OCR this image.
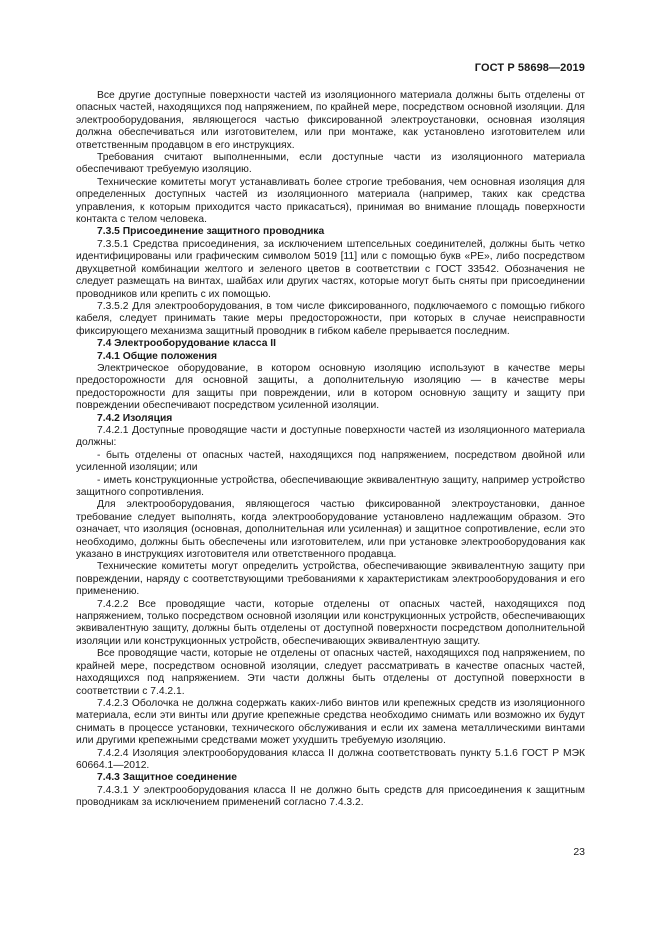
ГОСТ Р 58698—2019

Все другие доступные поверхности частей из изоляционного материала должны быть отделены от опасных частей, находящихся под напряжением, по крайней мере, посредством основной изоляции. Для электрооборудования, являющегося частью фиксированной электроустановки, основная изоляция должна обеспечиваться или изготовителем, или при монтаже, как установлено изготовителем или ответственным продавцом в его инструкциях.

Требования считают выполненными, если доступные части из изоляционного материала обеспечивают требуемую изоляцию.

Технические комитеты могут устанавливать более строгие требования, чем основная изоляция для определенных доступных частей из изоляционного материала (например, таких как средства управления, к которым приходится часто прикасаться), принимая во внимание площадь поверхности контакта с телом человека.

7.3.5 Присоединение защитного проводника

7.3.5.1 Средства присоединения, за исключением штепсельных соединителей, должны быть четко идентифицированы или графическим символом 5019 [11] или с помощью букв «PE», либо посредством двухцветной комбинации желтого и зеленого цветов в соответствии с ГОСТ 33542. Обозначения не следует размещать на винтах, шайбах или других частях, которые могут быть сняты при присоединении проводников или крепить с их помощью.

7.3.5.2 Для электрооборудования, в том числе фиксированного, подключаемого с помощью гибкого кабеля, следует принимать такие меры предосторожности, при которых в случае неисправности фиксирующего механизма защитный проводник в гибком кабеле прерывается последним.

7.4 Электрооборудование класса II

7.4.1 Общие положения

Электрическое оборудование, в котором основную изоляцию используют в качестве меры предосторожности для основной защиты, а дополнительную изоляцию — в качестве меры предосторожности для защиты при повреждении, или в котором основную защиту и защиту при повреждении обеспечивают посредством усиленной изоляции.

7.4.2 Изоляция

7.4.2.1 Доступные проводящие части и доступные поверхности частей из изоляционного материала должны:

- быть отделены от опасных частей, находящихся под напряжением, посредством двойной или усиленной изоляции; или

- иметь конструкционные устройства, обеспечивающие эквивалентную защиту, например устройство защитного сопротивления.

Для электрооборудования, являющегося частью фиксированной электроустановки, данное требование следует выполнять, когда электрооборудование установлено надлежащим образом. Это означает, что изоляция (основная, дополнительная или усиленная) и защитное сопротивление, если это необходимо, должны быть обеспечены или изготовителем, или при установке электрооборудования как указано в инструкциях изготовителя или ответственного продавца.

Технические комитеты могут определить устройства, обеспечивающие эквивалентную защиту при повреждении, наряду с соответствующими требованиями к характеристикам электрооборудования и его применению.

7.4.2.2 Все проводящие части, которые отделены от опасных частей, находящихся под напряжением, только посредством основной изоляции или конструкционных устройств, обеспечивающих эквивалентную защиту, должны быть отделены от доступной поверхности посредством дополнительной изоляции или конструкционных устройств, обеспечивающих эквивалентную защиту.

Все проводящие части, которые не отделены от опасных частей, находящихся под напряжением, по крайней мере, посредством основной изоляции, следует рассматривать в качестве опасных частей, находящихся под напряжением. Эти части должны быть отделены от доступной поверхности в соответствии с 7.4.2.1.

7.4.2.3 Оболочка не должна содержать каких-либо винтов или крепежных средств из изоляционного материала, если эти винты или другие крепежные средства необходимо снимать или возможно их будут снимать в процессе установки, технического обслуживания и если их замена металлическими винтами или другими крепежными средствами может ухудшить требуемую изоляцию.

7.4.2.4 Изоляция электрооборудования класса II должна соответствовать пункту 5.1.6 ГОСТ Р МЭК 60664.1—2012.

7.4.3 Защитное соединение

7.4.3.1 У электрооборудования класса II не должно быть средств для присоединения к защитным проводникам за исключением применений согласно 7.4.3.2.

23
